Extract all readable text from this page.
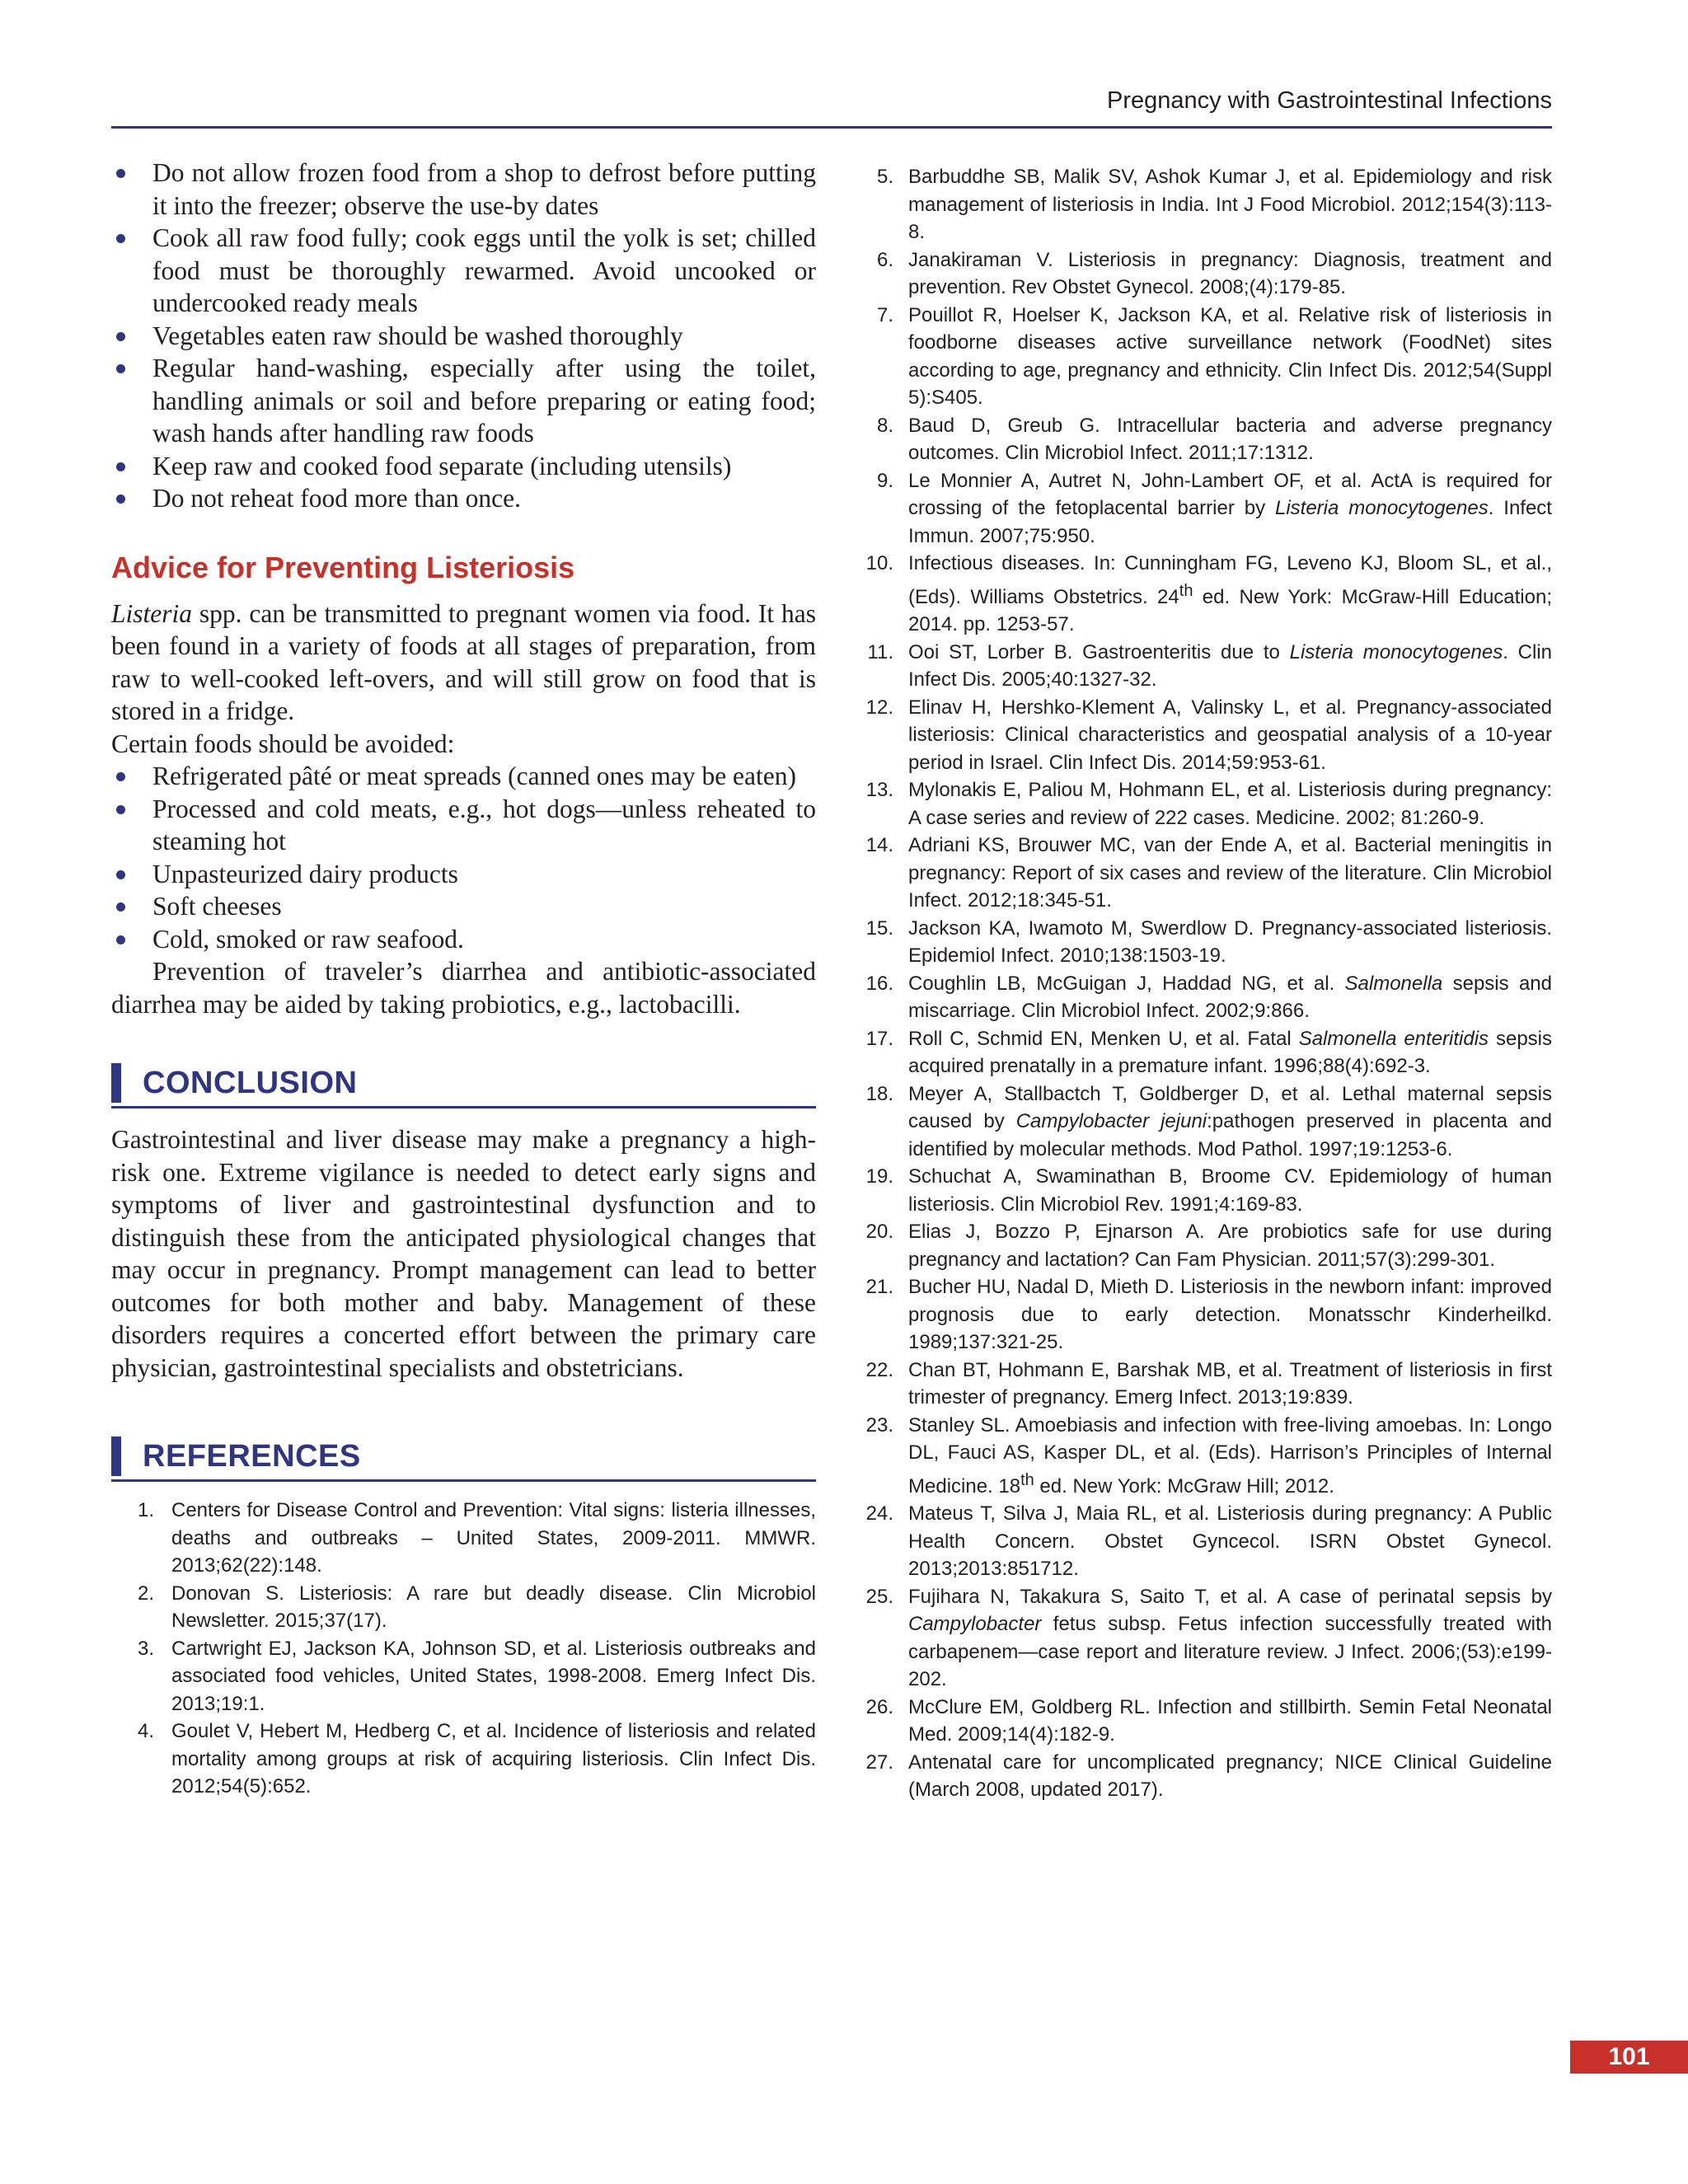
Pregnancy with Gastrointestinal Infections
Do not allow frozen food from a shop to defrost before putting it into the freezer; observe the use-by dates
Cook all raw food fully; cook eggs until the yolk is set; chilled food must be thoroughly rewarmed. Avoid uncooked or undercooked ready meals
Vegetables eaten raw should be washed thoroughly
Regular hand-washing, especially after using the toilet, handling animals or soil and before preparing or eating food; wash hands after handling raw foods
Keep raw and cooked food separate (including utensils)
Do not reheat food more than once.
Advice for Preventing Listeriosis

Listeria spp. can be transmitted to pregnant women via food. It has been found in a variety of foods at all stages of preparation, from raw to well-cooked left-overs, and will still grow on food that is stored in a fridge.

Certain foods should be avoided:

Refrigerated pâté or meat spreads (canned ones may be eaten)
Processed and cold meats, e.g., hot dogs—unless reheated to steaming hot
Unpasteurized dairy products
Soft cheeses
Cold, smoked or raw seafood.

Prevention of traveler’s diarrhea and antibiotic-associated diarrhea may be aided by taking probiotics, e.g., lactobacilli.

CONCLUSION

Gastrointestinal and liver disease may make a pregnancy a high-risk one. Extreme vigilance is needed to detect early signs and symptoms of liver and gastrointestinal dysfunction and to distinguish these from the anticipated physiological changes that may occur in pregnancy. Prompt management can lead to better outcomes for both mother and baby. Management of these disorders requires a concerted effort between the primary care physician, gastrointestinal specialists and obstetricians.

REFERENCES
1. Centers for Disease Control and Prevention: Vital signs: listeria illnesses, deaths and outbreaks – United States, 2009-2011. MMWR. 2013;62(22):148.
2. Donovan S. Listeriosis: A rare but deadly disease. Clin Microbiol Newsletter. 2015;37(17).
3. Cartwright EJ, Jackson KA, Johnson SD, et al. Listeriosis outbreaks and associated food vehicles, United States, 1998-2008. Emerg Infect Dis. 2013;19:1.
4. Goulet V, Hebert M, Hedberg C, et al. Incidence of listeriosis and related mortality among groups at risk of acquiring listeriosis. Clin Infect Dis. 2012;54(5):652.
5. Barbuddhe SB, Malik SV, Ashok Kumar J, et al. Epidemiology and risk management of listeriosis in India. Int J Food Microbiol. 2012;154(3):113-8.
6. Janakiraman V. Listeriosis in pregnancy: Diagnosis, treatment and prevention. Rev Obstet Gynecol. 2008;(4):179-85.
7. Pouillot R, Hoelser K, Jackson KA, et al. Relative risk of listeriosis in foodborne diseases active surveillance network (FoodNet) sites according to age, pregnancy and ethnicity. Clin Infect Dis. 2012;54(Suppl 5):S405.
8. Baud D, Greub G. Intracellular bacteria and adverse pregnancy outcomes. Clin Microbiol Infect. 2011;17:1312.
9. Le Monnier A, Autret N, John-Lambert OF, et al. ActA is required for crossing of the fetoplacental barrier by Listeria monocytogenes. Infect Immun. 2007;75:950.
10. Infectious diseases. In: Cunningham FG, Leveno KJ, Bloom SL, et al., (Eds). Williams Obstetrics. 24th ed. New York: McGraw-Hill Education; 2014. pp. 1253-57.
11. Ooi ST, Lorber B. Gastroenteritis due to Listeria monocytogenes. Clin Infect Dis. 2005;40:1327-32.
12. Elinav H, Hershko-Klement A, Valinsky L, et al. Pregnancy-associated listeriosis: Clinical characteristics and geospatial analysis of a 10-year period in Israel. Clin Infect Dis. 2014;59:953-61.
13. Mylonakis E, Paliou M, Hohmann EL, et al. Listeriosis during pregnancy: A case series and review of 222 cases. Medicine. 2002; 81:260-9.
14. Adriani KS, Brouwer MC, van der Ende A, et al. Bacterial meningitis in pregnancy: Report of six cases and review of the literature. Clin Microbiol Infect. 2012;18:345-51.
15. Jackson KA, Iwamoto M, Swerdlow D. Pregnancy-associated listeriosis. Epidemiol Infect. 2010;138:1503-19.
16. Coughlin LB, McGuigan J, Haddad NG, et al. Salmonella sepsis and miscarriage. Clin Microbiol Infect. 2002;9:866.
17. Roll C, Schmid EN, Menken U, et al. Fatal Salmonella enteritidis sepsis acquired prenatally in a premature infant. 1996;88(4):692-3.
18. Meyer A, Stallbactch T, Goldberger D, et al. Lethal maternal sepsis caused by Campylobacter jejuni:pathogen preserved in placenta and identified by molecular methods. Mod Pathol. 1997;19:1253-6.
19. Schuchat A, Swaminathan B, Broome CV. Epidemiology of human listeriosis. Clin Microbiol Rev. 1991;4:169-83.
20. Elias J, Bozzo P, Ejnarson A. Are probiotics safe for use during pregnancy and lactation? Can Fam Physician. 2011;57(3):299-301.
21. Bucher HU, Nadal D, Mieth D. Listeriosis in the newborn infant: improved prognosis due to early detection. Monatsschr Kinderheilkd. 1989;137:321-25.
22. Chan BT, Hohmann E, Barshak MB, et al. Treatment of listeriosis in first trimester of pregnancy. Emerg Infect. 2013;19:839.
23. Stanley SL. Amoebiasis and infection with free-living amoebas. In: Longo DL, Fauci AS, Kasper DL, et al. (Eds). Harrison’s Principles of Internal Medicine. 18th ed. New York: McGraw Hill; 2012.
24. Mateus T, Silva J, Maia RL, et al. Listeriosis during pregnancy: A Public Health Concern. Obstet Gyncecol. ISRN Obstet Gynecol. 2013;2013:851712.
25. Fujihara N, Takakura S, Saito T, et al. A case of perinatal sepsis by Campylobacter fetus subsp. Fetus infection successfully treated with carbapenem—case report and literature review. J Infect. 2006;(53):e199-202.
26. McClure EM, Goldberg RL. Infection and stillbirth. Semin Fetal Neonatal Med. 2009;14(4):182-9.
27. Antenatal care for uncomplicated pregnancy; NICE Clinical Guideline (March 2008, updated 2017).
101
